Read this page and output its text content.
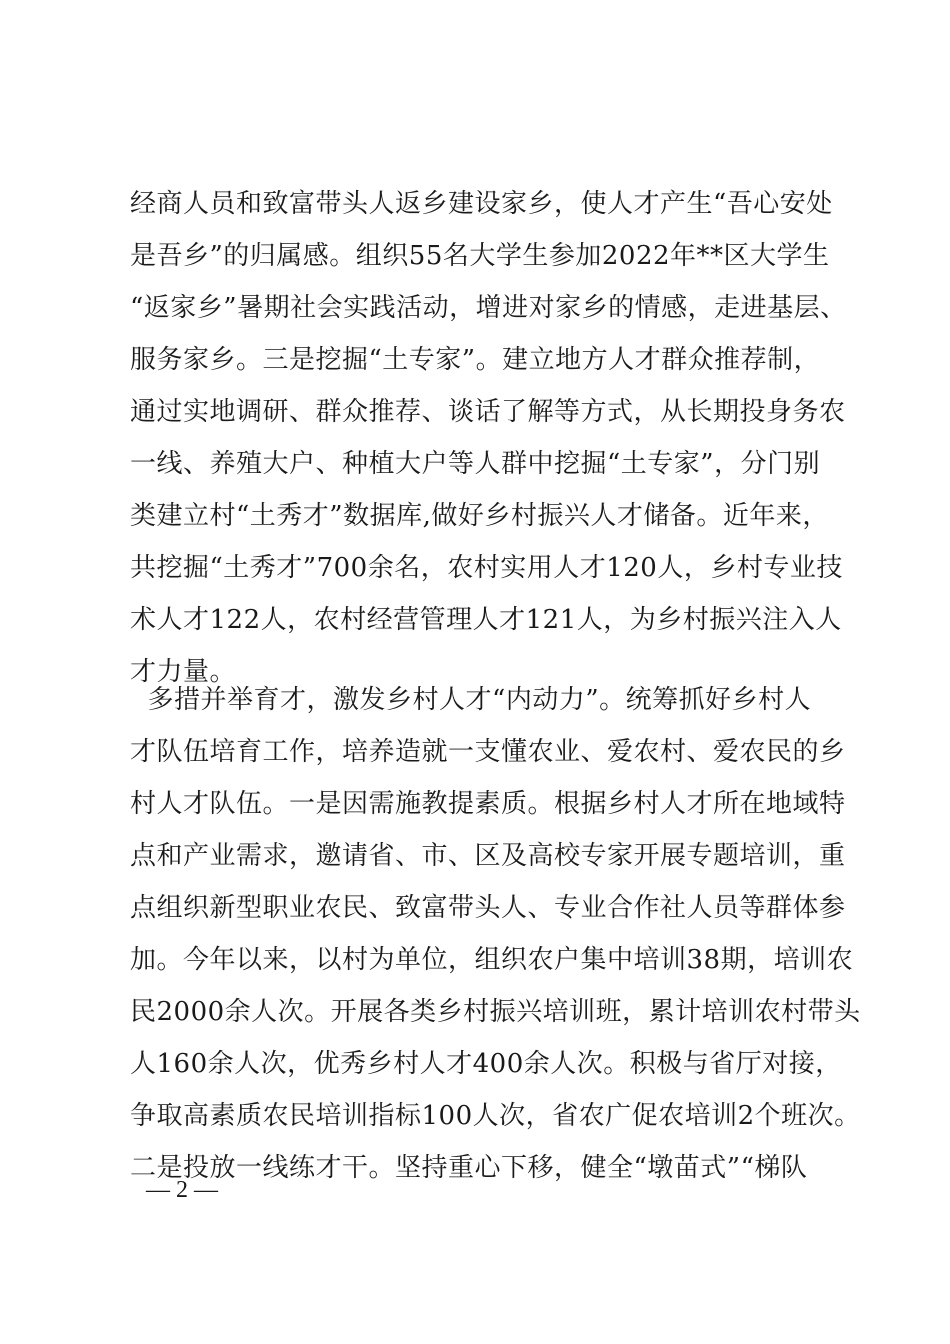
经商人员和致富带头人返乡建设家乡，使人才产生“吾心安处
是吾乡”的归属感。组织55名大学生参加2022年**区大学生
“返家乡”暑期社会实践活动，增进对家乡的情感，走进基层、
服务家乡。三是挖掘“土专家”。建立地方人才群众推荐制，
通过实地调研、群众推荐、谈话了解等方式，从长期投身务农
一线、养殖大户、种植大户等人群中挖掘“土专家”，分门别
类建立村“土秀才”数据库,做好乡村振兴人才储备。近年来，
共挖掘“土秀才”700余名，农村实用人才120人，乡村专业技
术人才122人，农村经营管理人才121人，为乡村振兴注入人
才力量。
多措并举育才，激发乡村人才“内动力”。统筹抓好乡村人
才队伍培育工作，培养造就一支懂农业、爱农村、爱农民的乡
村人才队伍。一是因需施教提素质。根据乡村人才所在地域特
点和产业需求，邀请省、市、区及高校专家开展专题培训，重
点组织新型职业农民、致富带头人、专业合作社人员等群体参
加。今年以来，以村为单位，组织农户集中培训38期，培训农
民2000余人次。开展各类乡村振兴培训班，累计培训农村带头
人160余人次，优秀乡村人才400余人次。积极与省厅对接，
争取高素质农民培训指标100人次，省农广促农培训2个班次。
二是投放一线练才干。坚持重心下移，健全“墩苗式”“梯队
— 2 —
